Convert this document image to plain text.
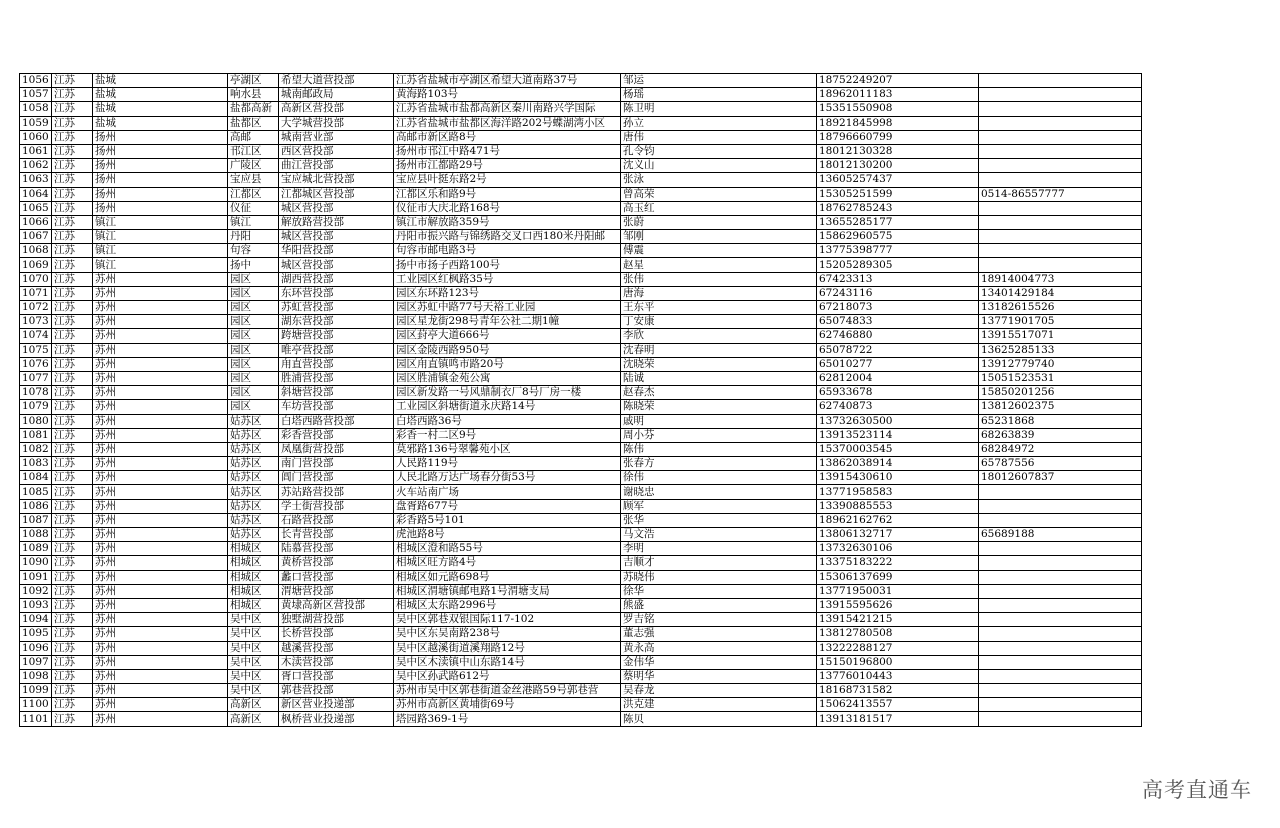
1056	江苏	盐城	亭湖区	希望大道营投部	江苏省盐城市亭湖区希望大道南路37号	邹运	18752249207	
1057	江苏	盐城	响水县	城南邮政局	黄海路103号	杨瑶	18962011183	
1058	江苏	盐城	盐都高新	高新区营投部	江苏省盐城市盐都高新区秦川南路兴学国际	陈卫明	15351550908	
1059	江苏	盐城	盐都区	大学城营投部	江苏省盐城市盐都区海洋路202号蝶湖湾小区	孙立	18921845998	
1060	江苏	扬州	高邮	城南营业部	高邮市新区路8号	唐伟	18796660799	
1061	江苏	扬州	邗江区	西区营投部	扬州市邗江中路471号	孔令钧	18012130328	
1062	江苏	扬州	广陵区	曲江营投部	扬州市江都路29号	沈义山	18012130200	
1063	江苏	扬州	宝应县	宝应城北营投部	宝应县叶挺东路2号	张泳	13605257437	
1064	江苏	扬州	江都区	江都城区营投部	江都区乐和路9号	曾高荣	15305251599	0514-86557777
1065	江苏	扬州	仪征	城区营投部	仪征市大庆北路168号	高玉红	18762785243	
1066	江苏	镇江	镇江	解放路营投部	镇江市解放路359号	张蔚	13655285177	
1067	江苏	镇江	丹阳	城区营投部	丹阳市振兴路与锦绣路交叉口西180米丹阳邮	邹刚	15862960575	
1068	江苏	镇江	句容	华阳营投部	句容市邮电路3号	傅震	13775398777	
1069	江苏	镇江	扬中	城区营投部	扬中市扬子西路100号	赵星	15205289305	
1070	江苏	苏州	园区	湖西营投部	工业园区红枫路35号	张伟	67423313	18914004773
1071	江苏	苏州	园区	东环营投部	园区东环路123号	唐海	67243116	13401429184
1072	江苏	苏州	园区	苏虹营投部	园区苏虹中路77号天裕工业园	王东平	67218073	13182615526
1073	江苏	苏州	园区	湖东营投部	园区星龙街298号青年公社二期1幢	丁安康	65074833	13771901705
1074	江苏	苏州	园区	跨塘营投部	园区葑亭大道666号	李欣	62746880	13915517071
1075	江苏	苏州	园区	唯亭营投部	园区金陵西路950号	沈春明	65078722	13625285133
1076	江苏	苏州	园区	甪直营投部	园区甪直镇鸣市路20号	沈晓荣	65010277	13912779740
1077	江苏	苏州	园区	胜浦营投部	园区胜浦镇金苑公寓	陆诚	62812004	15051523531
1078	江苏	苏州	园区	斜塘营投部	园区新发路一号风鼎制衣厂8号厂房一楼	赵春杰	65933678	15850201256
1079	江苏	苏州	园区	车坊营投部	工业园区斜塘街道永庆路14号	陈晓荣	62740873	13812602375
1080	江苏	苏州	姑苏区	白塔西路营投部	白塔西路36号	戚明	13732630500	65231868
1081	江苏	苏州	姑苏区	彩香营投部	彩香一村二区9号	周小芬	13913523114	68263839
1082	江苏	苏州	姑苏区	凤凰街营投部	莫邪路136号翠馨苑小区	陈伟	15370003545	68284972
1083	江苏	苏州	姑苏区	南门营投部	人民路119号	张春方	13862038914	65787556
1084	江苏	苏州	姑苏区	阊门营投部	人民北路万达广场春分街53号	徐伟	13915430610	18012607837
1085	江苏	苏州	姑苏区	苏站路营投部	火车站南广场	谢晓忠	13771958583	
1086	江苏	苏州	姑苏区	学士街营投部	盘胥路677号	顾军	13390885553	
1087	江苏	苏州	姑苏区	石路营投部	彩香路5号101	张华	18962162762	
1088	江苏	苏州	姑苏区	长青营投部	虎池路8号	马文浩	13806132717	65689188
1089	江苏	苏州	相城区	陆慕营投部	相城区澄和路55号	李明	13732630106	
1090	江苏	苏州	相城区	黄桥营投部	相城区旺方路4号	吉顺才	13375183222	
1091	江苏	苏州	相城区	蠡口营投部	相城区如元路698号	苏晓伟	15306137699	
1092	江苏	苏州	相城区	渭塘营投部	相城区渭塘镇邮电路1号渭塘支局	徐华	13771950031	
1093	江苏	苏州	相城区	黄埭高新区营投部	相城区太东路2996号	熊盛	13915595626	
1094	江苏	苏州	吴中区	独墅湖营投部	吴中区郭巷双银国际117-102	罗吉铭	13915421215	
1095	江苏	苏州	吴中区	长桥营投部	吴中区东吴南路238号	董志强	13812780508	
1096	江苏	苏州	吴中区	越溪营投部	吴中区越溪街道溪翔路12号	黄永高	13222288127	
1097	江苏	苏州	吴中区	木渎营投部	吴中区木渎镇中山东路14号	金伟华	15150196800	
1098	江苏	苏州	吴中区	胥口营投部	吴中区孙武路612号	蔡明华	13776010443	
1099	江苏	苏州	吴中区	郭巷营投部	苏州市吴中区郭巷街道金丝港路59号郭巷营	吴春龙	18168731582	
1100	江苏	苏州	高新区	新区营业投递部	苏州市高新区黄埔街69号	洪克建	15062413557	
1101	江苏	苏州	高新区	枫桥营业投递部	塔园路369-1号	陈贝	13913181517	
高考直通车
